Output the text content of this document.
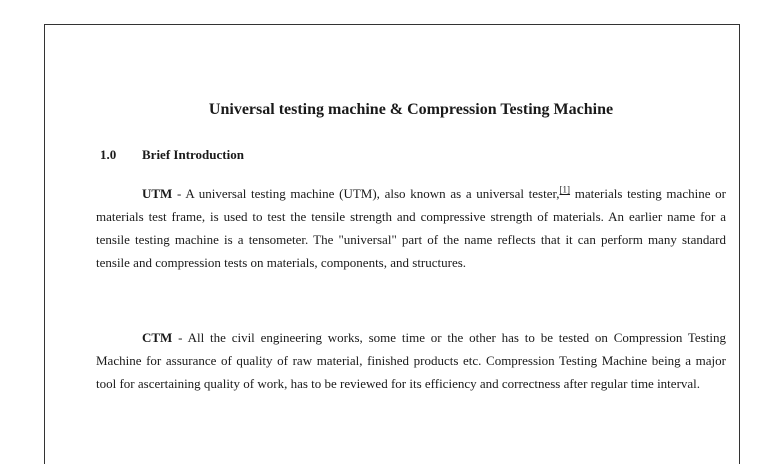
Universal testing machine & Compression Testing Machine
1.0 Brief Introduction

UTM - A universal testing machine (UTM), also known as a universal tester,[1] materials testing machine or materials test frame, is used to test the tensile strength and compressive strength of materials. An earlier name for a tensile testing machine is a tensometer. The "universal" part of the name reflects that it can perform many standard tensile and compression tests on materials, components, and structures.

CTM - All the civil engineering works, some time or the other has to be tested on Compression Testing Machine for assurance of quality of raw material, finished products etc. Compression Testing Machine being a major tool for ascertaining quality of work, has to be reviewed for its efficiency and correctness after regular time interval.
